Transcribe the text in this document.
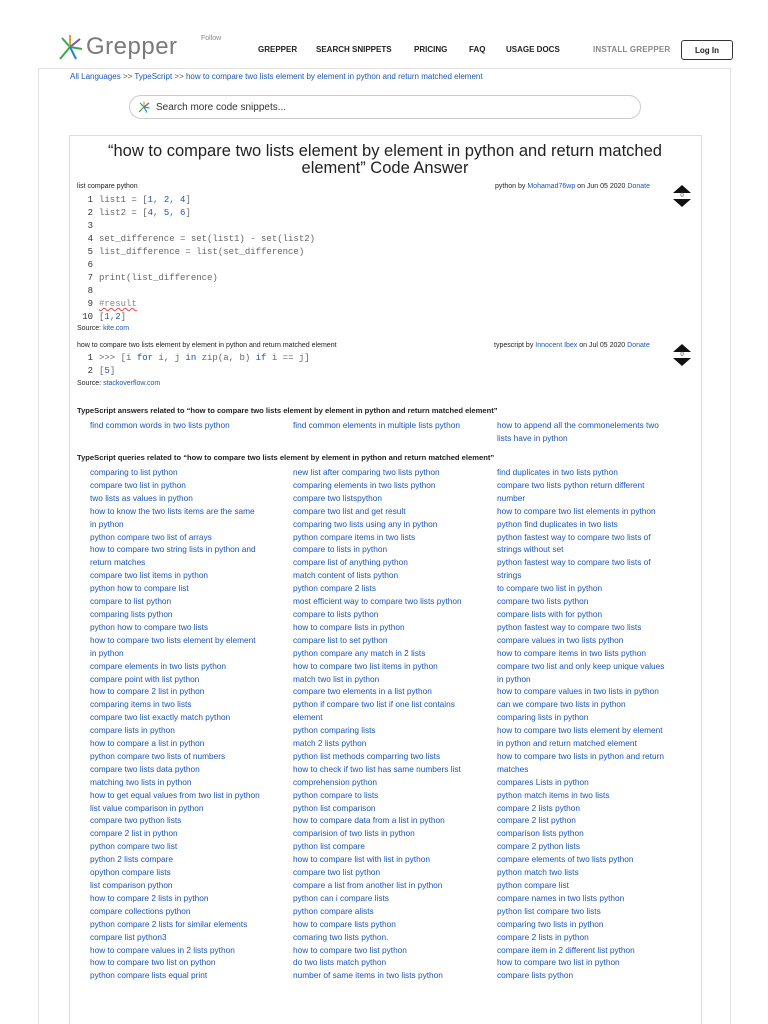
Grepper	Follow
GREPPER SEARCH SNIPPETS	PRICING	FAQ	USAGE DOCS	INSTALL GREPPER	Log In
All Languages >> TypeScript >> how to compare two lists element by element in python and return matched element
Search more code snippets...
“how to compare two lists element by element in python and return matched element” Code Answer
list compare python	python by Mohamad76wp on Jun 05 2020 Donate
0
1 list1 = [1, 2, 4]
2 list2 = [4, 5, 6]
3
4 set_difference = set(list1) - set(list2)
5 list_difference = list(set_difference)
6
7 print(list_difference)
8
9 #result
10 [1,2]
Source: kite.com
how to compare two lists element by element in python and return matched element	typescript by Innocent Ibex on Jul 05 2020 Donate
0
1 >>> [i for i, j in zip(a, b) if i == j]
2 [5]
Source: stackoverflow.com
TypeScript answers related to “how to compare two lists element by element in python and return matched element”
find common words in two lists python	find common elements in multiple lists python	how to append all the commonelements two
lists have in python
TypeScript queries related to “how to compare two lists element by element in python and return matched element”
comparing to list python
compare two list in python
two lists as values in python
how to know the two lists items are the same
in python
python compare two list of arrays
how to compare two string lists in python and
return matches
compare two list items in python
python how to compare list
compare to list python
comparing lists python
python how to compare two lists
how to compare two lists element by element
in python
compare elements in two lists python
compare point with list python
how to compare 2 list in python
comparing items in two lists
compare two list exactly match python
compare lists in python
how to compare a list in python
python compare two lists of numbers
compare two lists data python
matching two lists in python
how to get equal values from two list in python
list value comparison in python
compare two python lists
compare 2 list in python
python compare two list
python 2 lists compare
opython compare lists
list comparison python
how to compare 2 lists in python
compare collections python
python compare 2 lists for similar elements
compare list python3
how to compare values in 2 lists python
how to compare two list on python
python compare lists equal print
new list after comparing two lists python
comparing elements in two lists python
compare two listspython
compare two list and get result
comparing two lists using any in python
python compare items in two lists
compare to lists in python
compare list of anything python
match content of lists python
python compare 2 lists
most efficient way to compare two lists python
compare to lists python
how to compare lists in python
compare list to set python
python compare any match in 2 lists
how to compare two list items in python
match two list in python
compare two elements in a list python
python if compare two list if one list contains
element
python comparing lists
match 2 lists python
python list methods comparring two lists
how to check if two list has same numbers list
comprehension python
python compare to lists
python list comparison
how to compare data from a list in python
comparision of two lists in python
python list compare
how to compare list with list in python
compare two list python
compare a list from another list in python
python can i compare lists
python compare alists
how to compare lists python
comaring two lists python.
how to compare two list python
do two lists match python
number of same items in two lists python
find duplicates in two lists python
compare two lists python return different
number
how to compare two list elements in python
python find duplicates in two lists
python fastest way to compare two lists of
strings without set
python fastest way to compare two lists of
strings
to compare two list in python
compare two lists python
compare lists with for python
python fastest way to compare two lists
compare values in two lists python
how to compare items in two lists python
compare two list and only keep unique values
in python
how to compare values in two lists in python
can we compare two lists in python
comparing lists in python
how to compare two lists element by element
in python and return matched element
how to compare two lists in python and return
matches
compares Lists in python
python match items in two lists
compare 2 lists python
compare 2 list python
comparison lists python
compare 2 python lists
compare elements of two lists python
python match two lists
python compare list
compare names in two lists python
python list compare two lists
comparing two lists in python
compare 2 lists in python
compare item in 2 different list python
how to compare two list in python
compare lists python
